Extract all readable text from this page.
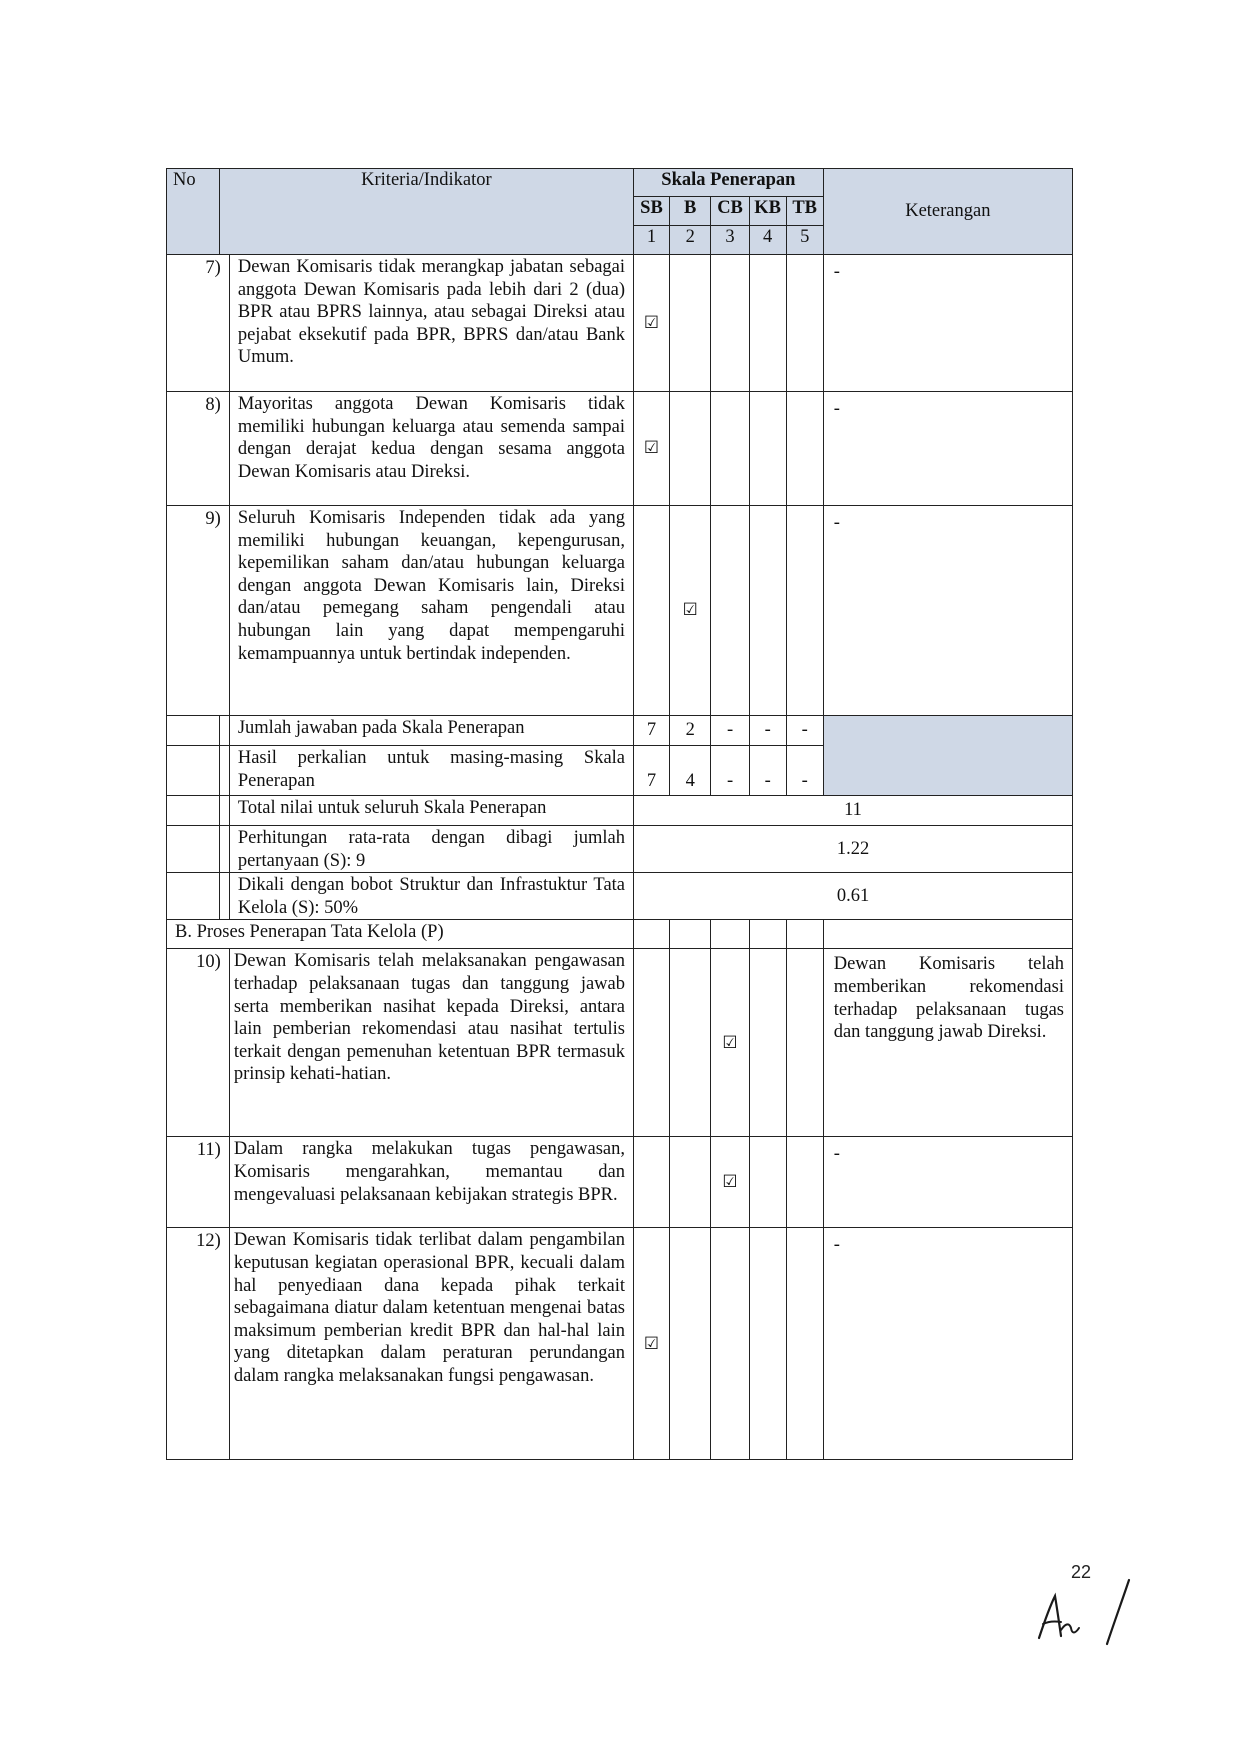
No	Kriteria/Indikator		Skala Penerapan					Keterangan
			SB	B	CB	KB	TB	
			1	2	3	4	5	
7)		Dewan Komisaris tidak merangkap jabatan sebagai anggota Dewan Komisaris pada lebih dari 2 (dua) BPR atau BPRS lainnya, atau sebagai Direksi atau pejabat eksekutif pada BPR, BPRS dan/atau Bank Umum.	☑					-
8)		Mayoritas anggota Dewan Komisaris tidak memiliki hubungan keluarga atau semenda sampai dengan derajat kedua dengan sesama anggota Dewan Komisaris atau Direksi.	☑					-
9)		Seluruh Komisaris Independen tidak ada yang memiliki hubungan keuangan, kepengurusan, kepemilikan saham dan/atau hubungan keluarga dengan anggota Dewan Komisaris lain, Direksi dan/atau pemegang saham pengendali atau hubungan lain yang dapat mempengaruhi kemampuannya untuk bertindak independen.		☑				-
		Jumlah jawaban pada Skala Penerapan	7	2	-	-	-	
		Hasil perkalian untuk masing-masing Skala Penerapan	7	4	-	-	-	
		Total nilai untuk seluruh Skala Penerapan	11					
		Perhitungan rata-rata dengan dibagi jumlah pertanyaan (S): 9	1.22					
		Dikali dengan bobot Struktur dan Infrastuktur Tata Kelola (S): 50%	0.61					
B. Proses Penerapan Tata Kelola (P)								
10)		Dewan Komisaris telah melaksanakan pengawasan terhadap pelaksanaan tugas dan tanggung jawab serta memberikan nasihat kepada Direksi, antara lain pemberian rekomendasi atau nasihat tertulis terkait dengan pemenuhan ketentuan BPR termasuk prinsip kehati-hatian.			☑			Dewan Komisaris telah memberikan rekomendasi terhadap pelaksanaan tugas dan tanggung jawab Direksi.
11)		Dalam rangka melakukan tugas pengawasan, Komisaris mengarahkan, memantau dan mengevaluasi pelaksanaan kebijakan strategis BPR.			☑			-
12)		Dewan Komisaris tidak terlibat dalam pengambilan keputusan kegiatan operasional BPR, kecuali dalam hal penyediaan dana kepada pihak terkait sebagaimana diatur dalam ketentuan mengenai batas maksimum pemberian kredit BPR dan hal-hal lain yang ditetapkan dalam peraturan perundangan dalam rangka melaksanakan fungsi pengawasan.	☑					-
22
